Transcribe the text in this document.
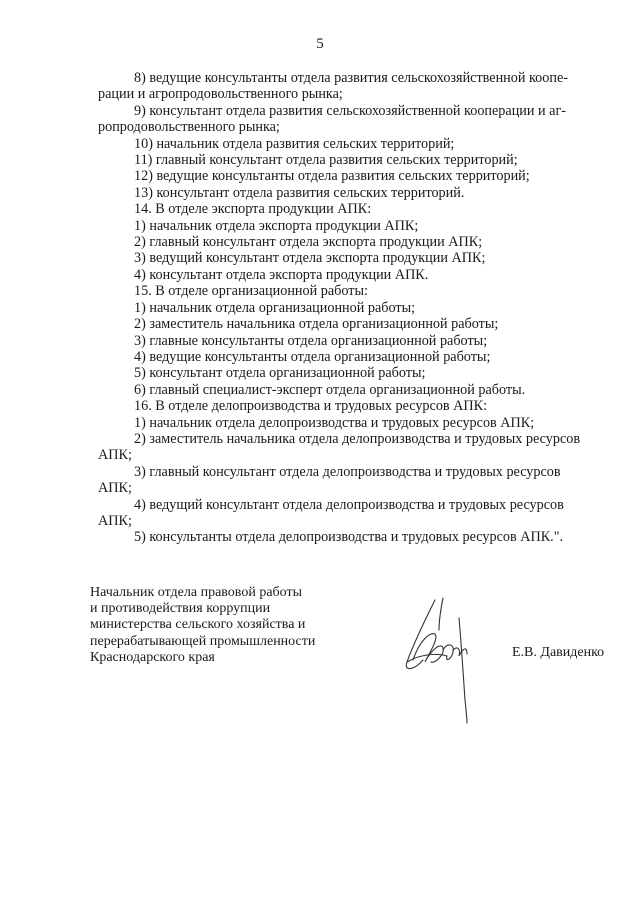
5

8) ведущие консультанты отдела развития сельскохозяйственной коопе-

рации и агропродовольственного рынка;

9) консультант отдела развития сельскохозяйственной кооперации и аг-

ропродовольственного рынка;

10) начальник отдела развития сельских территорий;

11) главный консультант отдела развития сельских территорий;

12) ведущие консультанты отдела развития сельских территорий;

13) консультант отдела развития сельских территорий.

14. В отделе экспорта продукции АПК:

1) начальник отдела экспорта продукции АПК;

2) главный консультант отдела экспорта продукции АПК;

3) ведущий консультант отдела экспорта продукции АПК;

4) консультант отдела экспорта продукции АПК.

15. В отделе организационной работы:

1) начальник отдела организационной работы;

2) заместитель начальника отдела организационной работы;

3) главные консультанты отдела организационной работы;

4) ведущие консультанты отдела организационной работы;

5) консультант отдела организационной работы;

6) главный специалист-эксперт отдела организационной работы.

16. В отделе делопроизводства и трудовых ресурсов АПК:

1) начальник отдела делопроизводства и трудовых ресурсов АПК;

2) заместитель начальника отдела делопроизводства и трудовых ресурсов

АПК;

3) главный консультант отдела делопроизводства и трудовых ресурсов

АПК;

4) ведущий консультант отдела делопроизводства и трудовых ресурсов

АПК;

5) консультанты отдела делопроизводства и трудовых ресурсов АПК.".

Начальник отдела правовой работы
и противодействия коррупции
министерства сельского хозяйства и
перерабатывающей промышленности
Краснодарского края	Е.В. Давиденко
